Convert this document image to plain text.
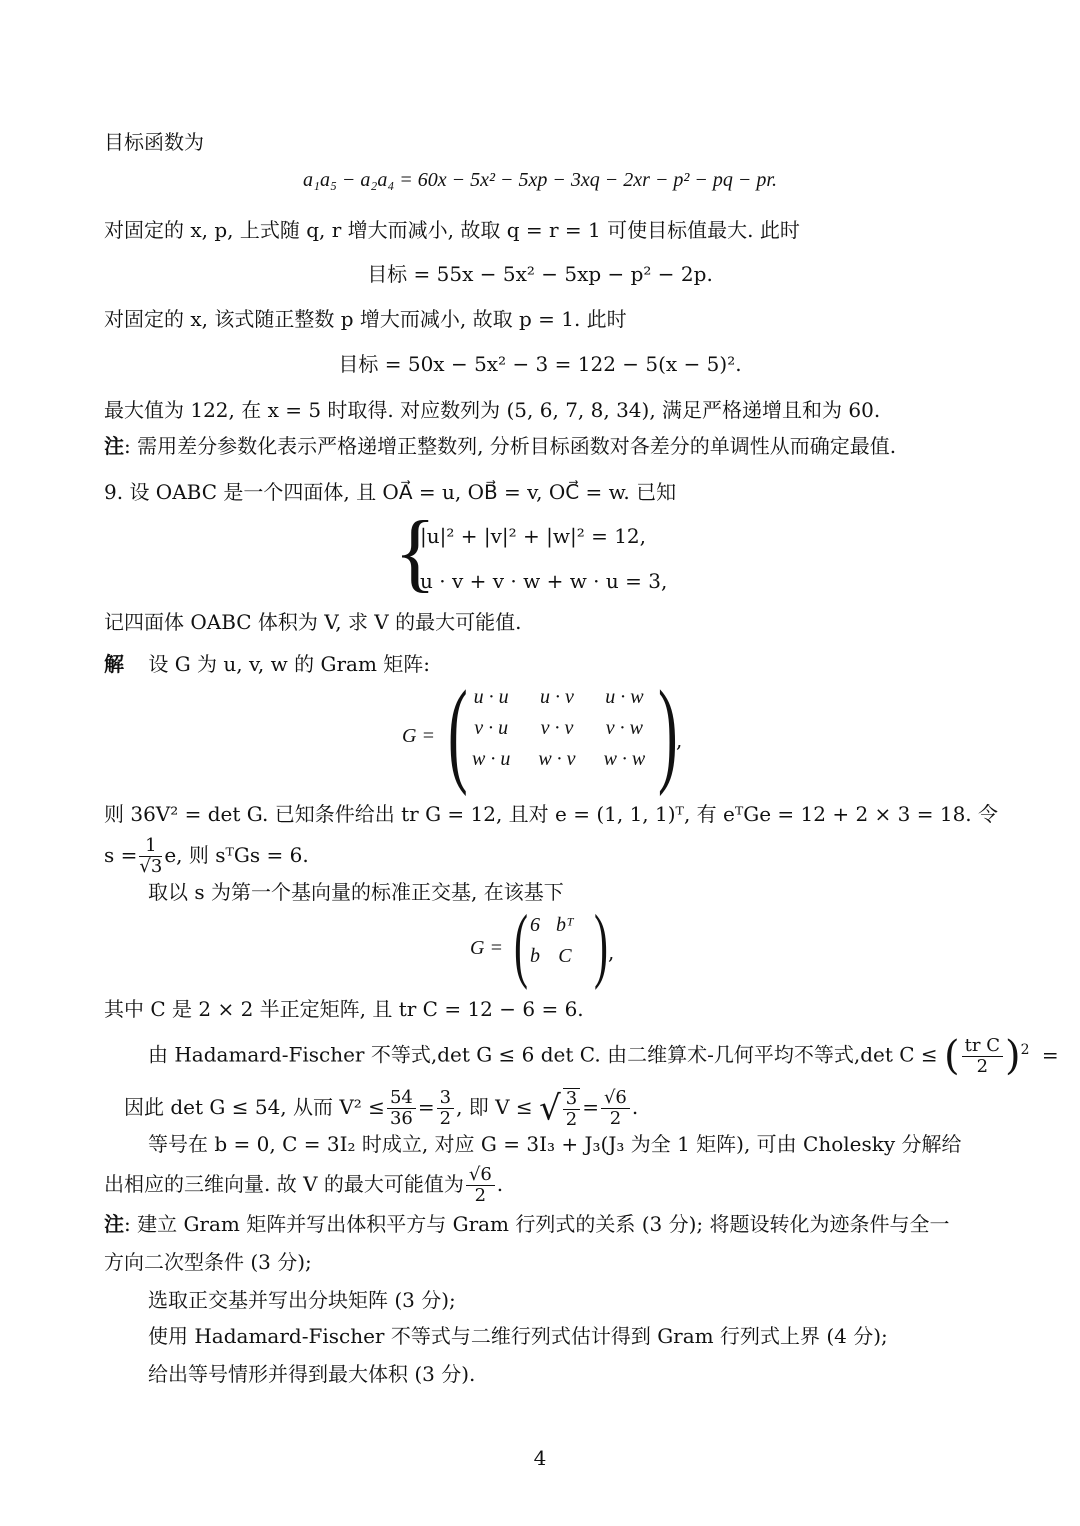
目标函数为
a₁a₅ − a₂a₄ = 60x − 5x² − 5xp − 3xq − 2xr − p² − pq − pr.
对固定的 x, p, 上式随 q, r 增大而减小, 故取 q = r = 1 可使目标值最大. 此时
目标 = 55x − 5x² − 5xp − p² − 2p.
对固定的 x, 该式随正整数 p 增大而减小, 故取 p = 1. 此时
目标 = 50x − 5x² − 3 = 122 − 5(x − 5)².
最大值为 122, 在 x = 5 时取得. 对应数列为 (5, 6, 7, 8, 34), 满足严格递增且和为 60.
注: 需用差分参数化表示严格递增正整数列, 分析目标函数对各差分的单调性从而确定最值.
9. 设 OABC 是一个四面体, 且 OA⃗ = u, OB⃗ = v, OC⃗ = w. 已知
{
|u|² + |v|² + |w|² = 12,
u · v + v · w + w · u = 3,
记四面体 OABC 体积为 V, 求 V 的最大可能值.
解 设 G 为 u, v, w 的 Gram 矩阵:
G = ( u · u	u · v	u · w
v · u	v · v	v · w
w · u	w · v	w · w )
,
则 36V² = det G. 已知条件给出 tr G = 12, 且对 e = (1, 1, 1)ᵀ, 有 eᵀGe = 12 + 2 × 3 = 18. 令
$s = \frac{1}{√3} e$, 则 sᵀGs = 6.
取以 s 为第一个基向量的标准正交基, 在该基下
G = ( 6	bᵀ
b	C ) ,
其中 C 是 2 × 2 半正定矩阵, 且 tr C = 12 − 6 = 6.
由 Hadamard-Fischer 不等式,det G ≤ 6 det C. 由二维算术-几何平均不等式,det C ≤ ( $\frac{\text{tr C}}{2} )^2$ =
因此 det G ≤ 54, 从而 $V^2 \le \frac{54}{36} = \frac{3}{2}$ , 即 V ≤ √ $\frac{3}{2} = \frac{√6}{2}$ .
等号在 b = 0, C = 3I₂ 时成立, 对应 G = 3I₃ + J₃(J₃ 为全 1 矩阵), 可由 Cholesky 分解给
出相应的三维向量. 故 V 的最大可能值为 $\frac{√6}{2}$ .
注: 建立 Gram 矩阵并写出体积平方与 Gram 行列式的关系 (3 分); 将题设转化为迹条件与全一
方向二次型条件 (3 分);
选取正交基并写出分块矩阵 (3 分);
使用 Hadamard-Fischer 不等式与二维行列式估计得到 Gram 行列式上界 (4 分);
给出等号情形并得到最大体积 (3 分).
4
